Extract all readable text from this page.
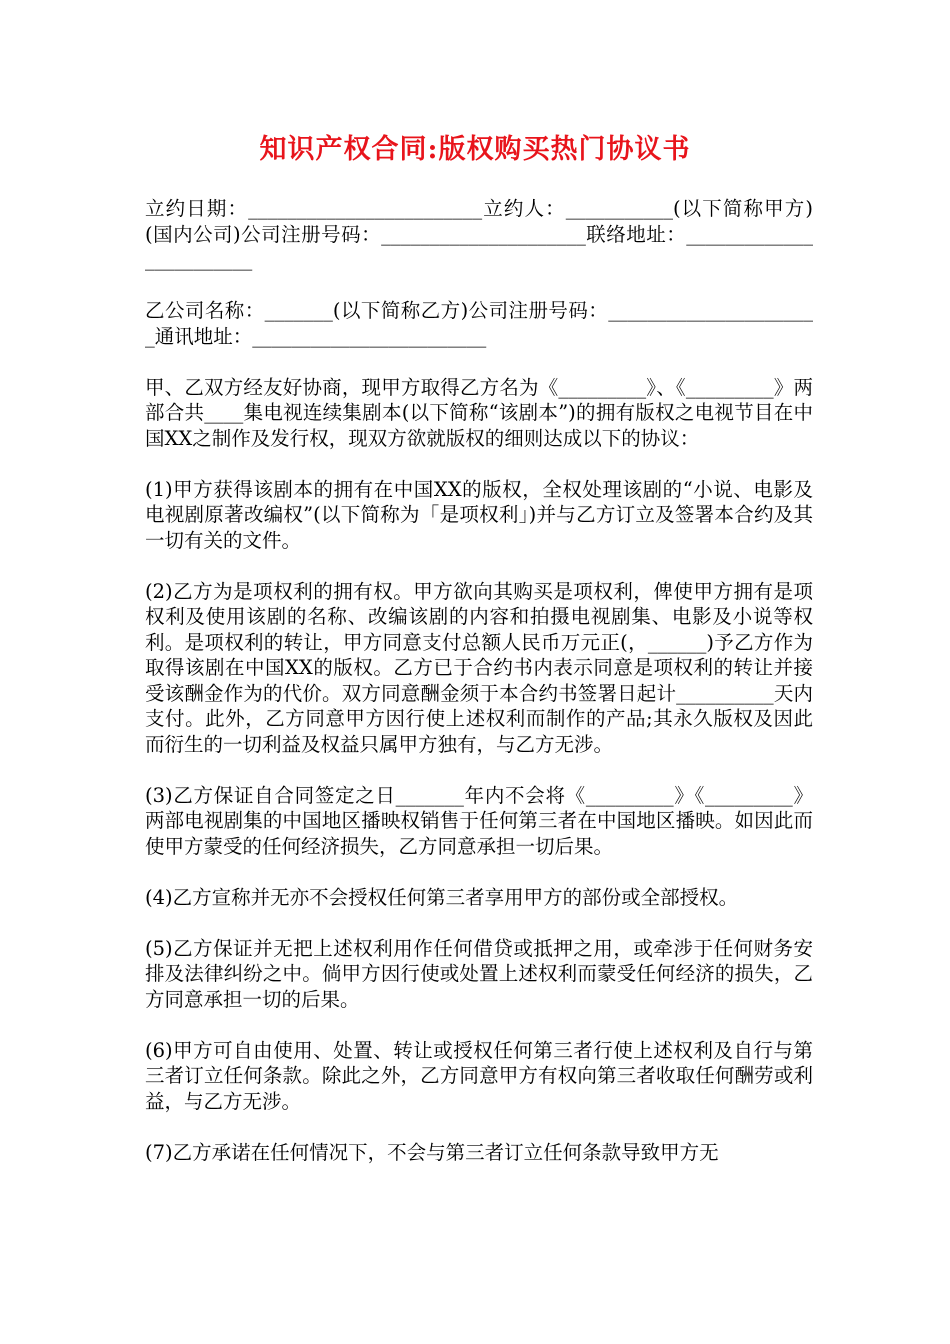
知识产权合同:版权购买热门协议书

立约日期：________________________立约人：___________(以下简称甲方)(国内公司)公司注册号码：_____________________联络地址：________________________

乙公司名称：_______(以下简称乙方)公司注册号码：______________________通讯地址：________________________

甲、乙双方经友好协商，现甲方取得乙方名为《_________》、《_________》两部合共____集电视连续集剧本(以下简称“该剧本”)的拥有版权之电视节目在中国XX之制作及发行权，现双方欲就版权的细则达成以下的协议：

(1)甲方获得该剧本的拥有在中国XX的版权，全权处理该剧的“小说、电影及电视剧原著改编权”(以下简称为「是项权利」)并与乙方订立及签署本合约及其一切有关的文件。

(2)乙方为是项权利的拥有权。甲方欲向其购买是项权利，俾使甲方拥有是项权利及使用该剧的名称、改编该剧的内容和拍摄电视剧集、电影及小说等权利。是项权利的转让，甲方同意支付总额人民币万元正(，______)予乙方作为取得该剧在中国XX的版权。乙方已于合约书内表示同意是项权利的转让并接受该酬金作为的代价。双方同意酬金须于本合约书签署日起计__________天内支付。此外，乙方同意甲方因行使上述权利而制作的产品;其永久版权及因此而衍生的一切利益及权益只属甲方独有，与乙方无涉。

(3)乙方保证自合同签定之日_______年内不会将《_________》《_________》两部电视剧集的中国地区播映权销售于任何第三者在中国地区播映。如因此而使甲方蒙受的任何经济损失，乙方同意承担一切后果。

(4)乙方宣称并无亦不会授权任何第三者享用甲方的部份或全部授权。

(5)乙方保证并无把上述权利用作任何借贷或抵押之用，或牵涉于任何财务安排及法律纠纷之中。倘甲方因行使或处置上述权利而蒙受任何经济的损失，乙方同意承担一切的后果。

(6)甲方可自由使用、处置、转让或授权任何第三者行使上述权利及自行与第三者订立任何条款。除此之外，乙方同意甲方有权向第三者收取任何酬劳或利益，与乙方无涉。

(7)乙方承诺在任何情况下，不会与第三者订立任何条款导致甲方无
